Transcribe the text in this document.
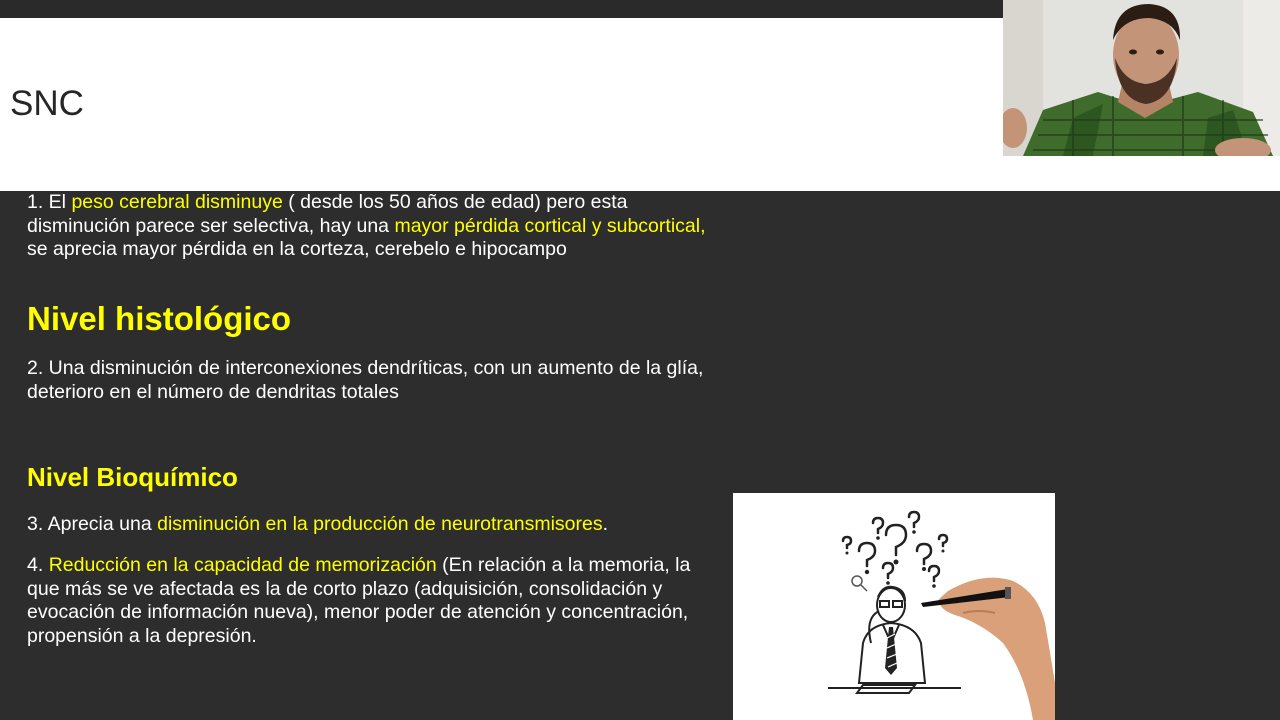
SNC

1. El peso cerebral disminuye ( desde los 50 años de edad) pero esta disminución parece ser selectiva, hay una mayor pérdida cortical y subcortical, se aprecia mayor pérdida en la corteza, cerebelo e hipocampo

Nivel histológico

2. Una disminución de interconexiones dendríticas, con un aumento de la glía, deterioro en el número de dendritas totales

Nivel Bioquímico

3. Aprecia una disminución en la producción de neurotransmisores.

4. Reducción en la capacidad de memorización (En relación a la memoria, la que más se ve afectada es la de corto plazo (adquisición, consolidación y evocación de información nueva), menor poder de atención y concentración, propensión a la depresión.
